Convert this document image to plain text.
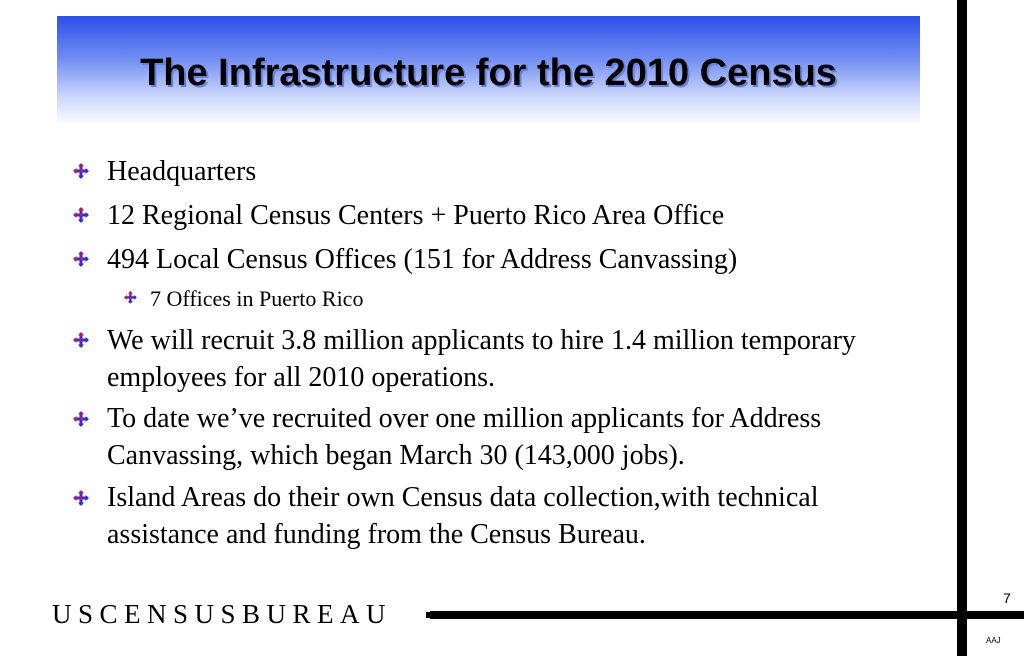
The Infrastructure for the 2010 Census
Headquarters
12 Regional Census Centers + Puerto Rico Area Office
494 Local Census Offices (151 for Address Canvassing)
7 Offices in Puerto Rico
We will recruit 3.8 million applicants to hire 1.4 million temporary employees for all 2010 operations.
To date we’ve recruited over one million applicants for Address Canvassing, which began March 30 (143,000 jobs).
Island Areas do their own Census data collection,with technical assistance and funding from the Census Bureau.
USCENSUSBUREAU
7
AAJ
